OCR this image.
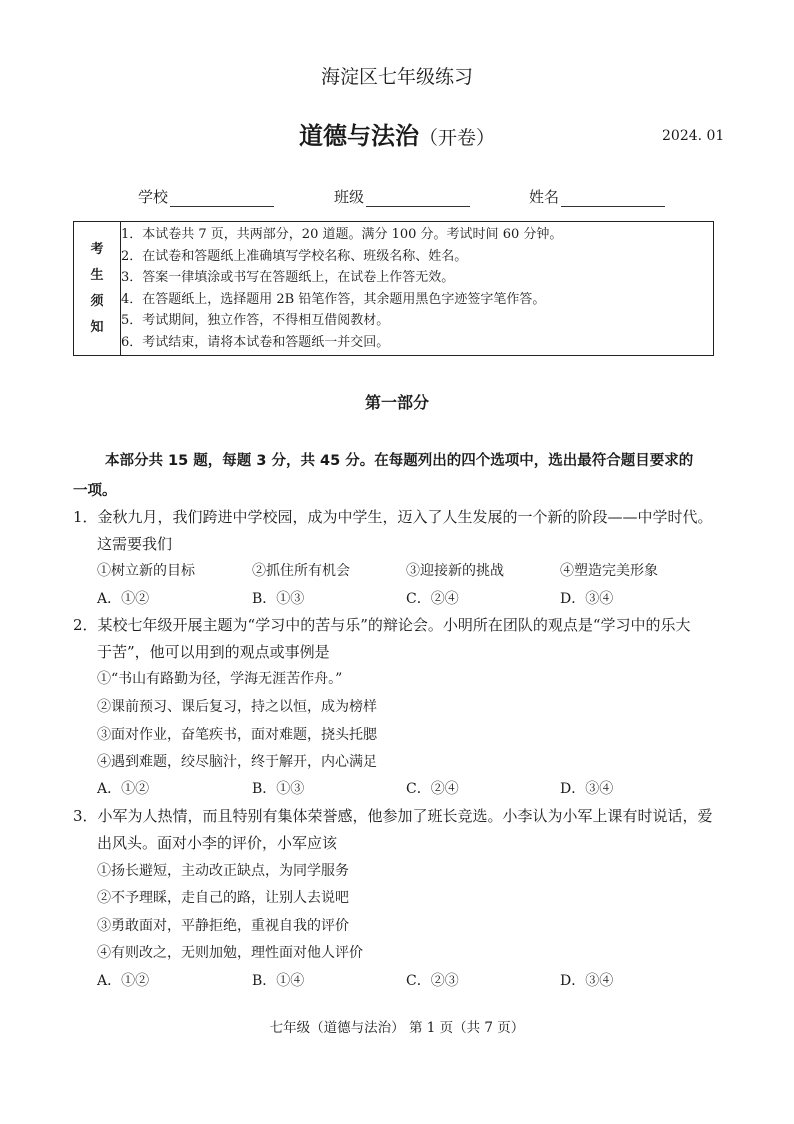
海淀区七年级练习
道德与法治（开卷）	2024. 01
学校	班级	姓名
考
生
须
知

1．本试卷共 7 页，共两部分，20 道题。满分 100 分。考试时间 60 分钟。
2．在试卷和答题纸上准确填写学校名称、班级名称、姓名。
3．答案一律填涂或书写在答题纸上，在试卷上作答无效。
4．在答题纸上，选择题用 2B 铅笔作答，其余题用黑色字迹签字笔作答。
5．考试期间，独立作答，不得相互借阅教材。
6．考试结束，请将本试卷和答题纸一并交回。
第一部分
本部分共 15 题，每题 3 分，共 45 分。在每题列出的四个选项中，选出最符合题目要求的
一项。
1．金秋九月，我们跨进中学校园，成为中学生，迈入了人生发展的一个新的阶段——中学时代。
这需要我们
①树立新的目标	②抓住所有机会	③迎接新的挑战	④塑造完美形象
A．①②	B．①③	C．②④	D．③④
2．某校七年级开展主题为“学习中的苦与乐”的辩论会。小明所在团队的观点是“学习中的乐大
于苦”，他可以用到的观点或事例是
①“书山有路勤为径，学海无涯苦作舟。”
②课前预习、课后复习，持之以恒，成为榜样
③面对作业，奋笔疾书，面对难题，挠头托腮
④遇到难题，绞尽脑汁，终于解开，内心满足
A．①②	B．①③	C．②④	D．③④
3．小军为人热情，而且特别有集体荣誉感，他参加了班长竞选。小李认为小军上课有时说话，爱
出风头。面对小李的评价，小军应该
①扬长避短，主动改正缺点，为同学服务
②不予理睬，走自己的路，让别人去说吧
③勇敢面对，平静拒绝，重视自我的评价
④有则改之，无则加勉，理性面对他人评价
A．①②	B．①④	C．②③	D．③④
七年级（道德与法治） 第 1 页（共 7 页）
